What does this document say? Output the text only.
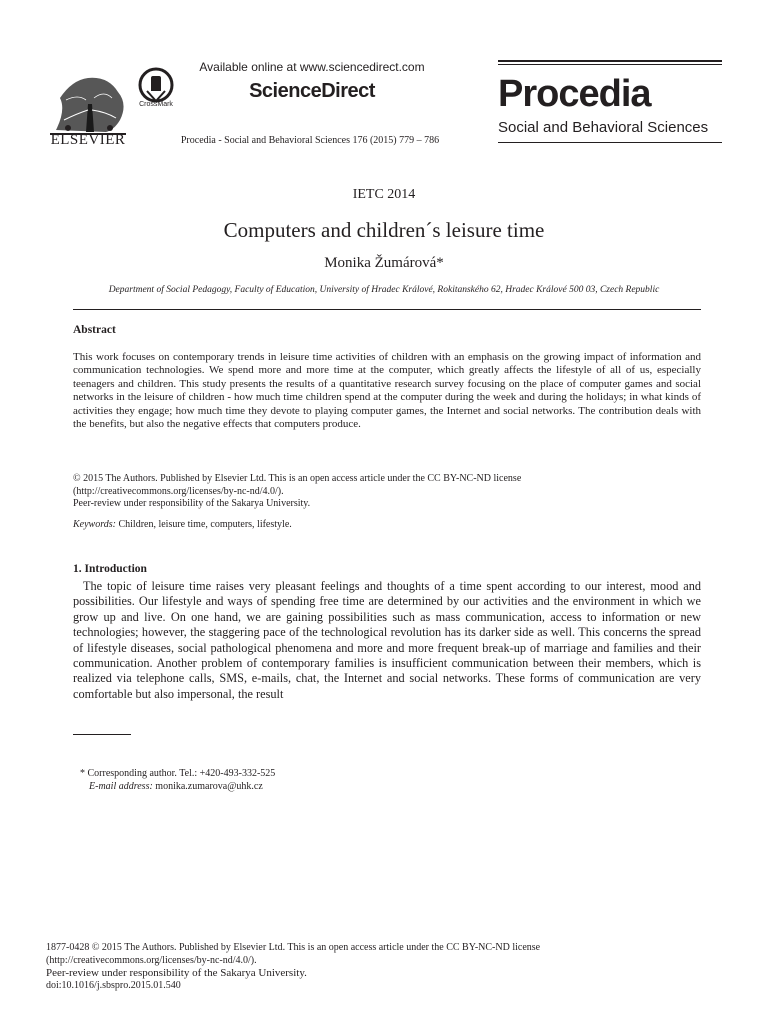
ELSEVIER
CrossMark
Available online at www.sciencedirect.com
ScienceDirect
Procedia - Social and Behavioral Sciences 176 (2015) 779 – 786
Procedia
Social and Behavioral Sciences
IETC 2014
Computers and children´s leisure time
Monika Žumárová*
Department of Social Pedagogy, Faculty of Education, University of Hradec Králové, Rokitanského 62, Hradec Králové 500 03, Czech Republic
Abstract
This work focuses on contemporary trends in leisure time activities of children with an emphasis on the growing impact of information and communication technologies. We spend more and more time at the computer, which greatly affects the lifestyle of all of us, especially teenagers and children. This study presents the results of a quantitative research survey focusing on the place of computer games and social networks in the leisure of children - how much time children spend at the computer during the week and during the holidays; in what kinds of activities they engage; how much time they devote to playing computer games, the Internet and social networks. The contribution deals with the benefits, but also the negative effects that computers produce.
© 2015 The Authors. Published by Elsevier Ltd. This is an open access article under the CC BY-NC-ND license
(http://creativecommons.org/licenses/by-nc-nd/4.0/).
Peer-review under responsibility of the Sakarya University.
Keywords: Children, leisure time, computers, lifestyle.
1. Introduction
The topic of leisure time raises very pleasant feelings and thoughts of a time spent according to our interest, mood and possibilities. Our lifestyle and ways of spending free time are determined by our activities and the environment in which we grow up and live. On one hand, we are gaining possibilities such as mass communication, access to information or new technologies; however, the staggering pace of the technological revolution has its darker side as well. This concerns the spread of lifestyle diseases, social pathological phenomena and more and more frequent break-up of marriage and families and their communication. Another problem of contemporary families is insufficient communication between their members, which is realized via telephone calls, SMS, e-mails, chat, the Internet and social networks. These forms of communication are very comfortable but also impersonal, the result
* Corresponding author. Tel.: +420-493-332-525
E-mail address: monika.zumarova@uhk.cz
1877-0428 © 2015 The Authors. Published by Elsevier Ltd. This is an open access article under the CC BY-NC-ND license
(http://creativecommons.org/licenses/by-nc-nd/4.0/).
Peer-review under responsibility of the Sakarya University.
doi:10.1016/j.sbspro.2015.01.540
